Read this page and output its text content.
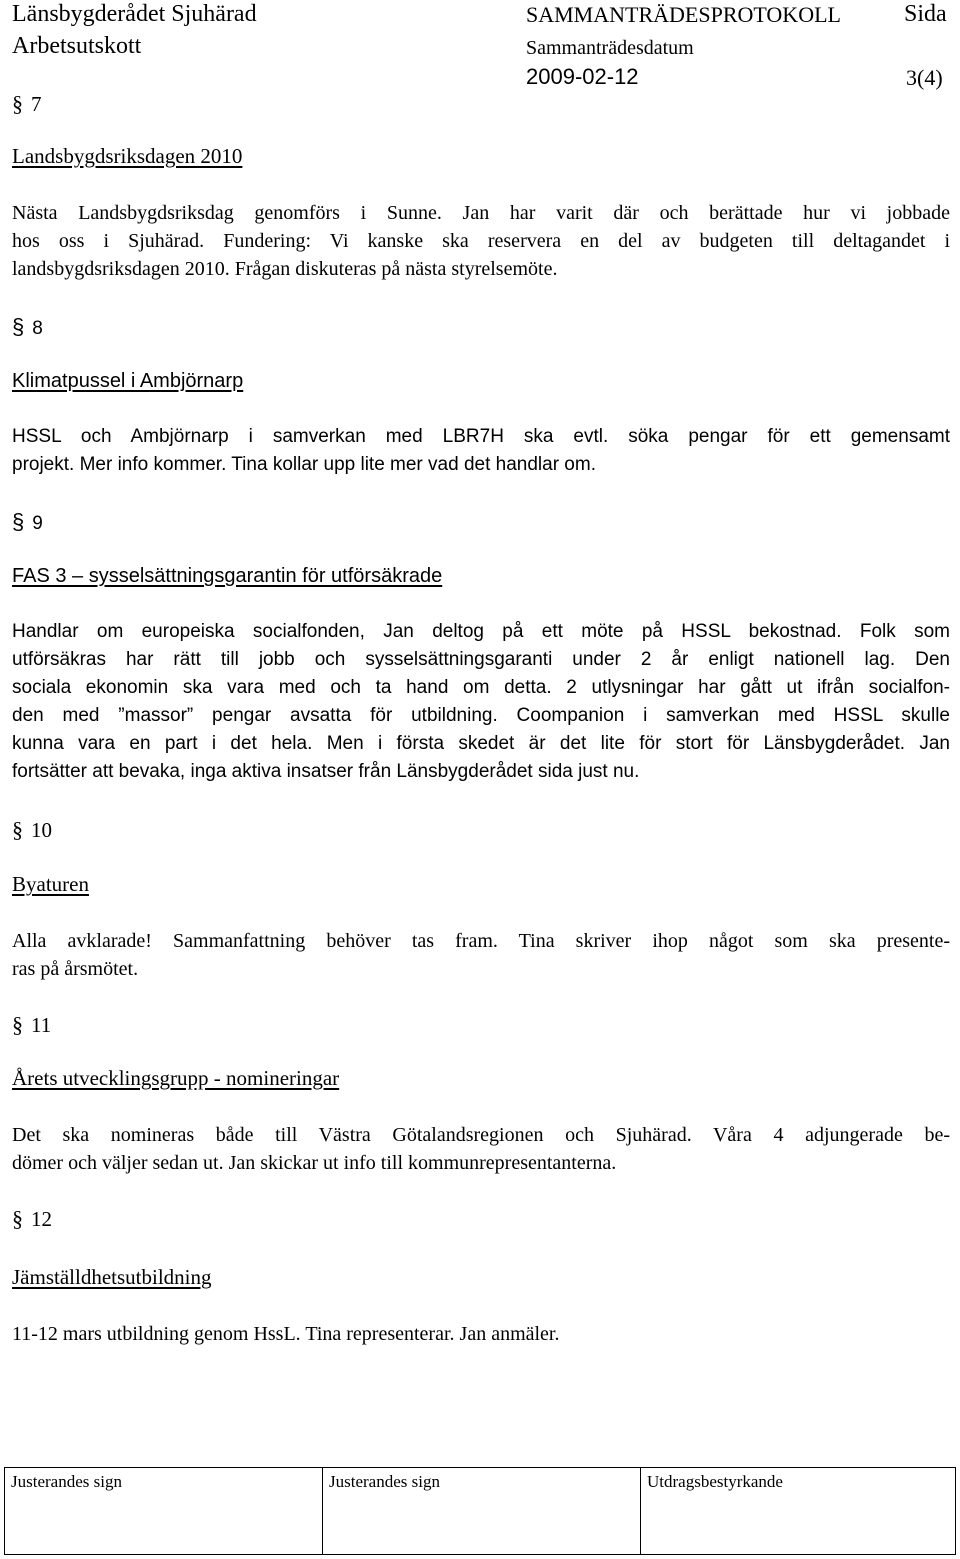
Länsbygderådet Sjuhärad	SAMMANTRÄDESPROTOKOLL	Sida
Arbetsutskott	Sammanträdesdatum
2009-02-12	3(4)
§ 7
Landsbygdsriksdagen 2010
Nästa Landsbygdsriksdag genomförs i Sunne. Jan har varit där och berättade hur vi jobbade
hos oss i Sjuhärad. Fundering: Vi kanske ska reservera en del av budgeten till deltagandet i
landsbygdsriksdagen 2010. Frågan diskuteras på nästa styrelsemöte.
§ 8
Klimatpussel i Ambjörnarp
HSSL och Ambjörnarp i samverkan med LBR7H ska evtl. söka pengar för ett gemensamt
projekt. Mer info kommer. Tina kollar upp lite mer vad det handlar om.
§ 9
FAS 3 – sysselsättningsgarantin för utförsäkrade
Handlar om europeiska socialfonden, Jan deltog på ett möte på HSSL bekostnad. Folk som
utförsäkras har rätt till jobb och sysselsättningsgaranti under 2 år enligt nationell lag. Den
sociala ekonomin ska vara med och ta hand om detta. 2 utlysningar har gått ut ifrån socialfon-
den med ”massor” pengar avsatta för utbildning. Coompanion i samverkan med HSSL skulle
kunna vara en part i det hela. Men i första skedet är det lite för stort för Länsbygderådet. Jan
fortsätter att bevaka, inga aktiva insatser från Länsbygderådet sida just nu.
§ 10
Byaturen
Alla avklarade! Sammanfattning behöver tas fram. Tina skriver ihop något som ska presente-
ras på årsmötet.
§ 11
Årets utvecklingsgrupp - nomineringar
Det ska nomineras både till Västra Götalandsregionen och Sjuhärad. Våra 4 adjungerade be-
dömer och väljer sedan ut. Jan skickar ut info till kommunrepresentanterna.
§ 12
Jämställdhetsutbildning
11-12 mars utbildning genom HssL. Tina representerar. Jan anmäler.
Justerandes sign	Justerandes sign	Utdragsbestyrkande
